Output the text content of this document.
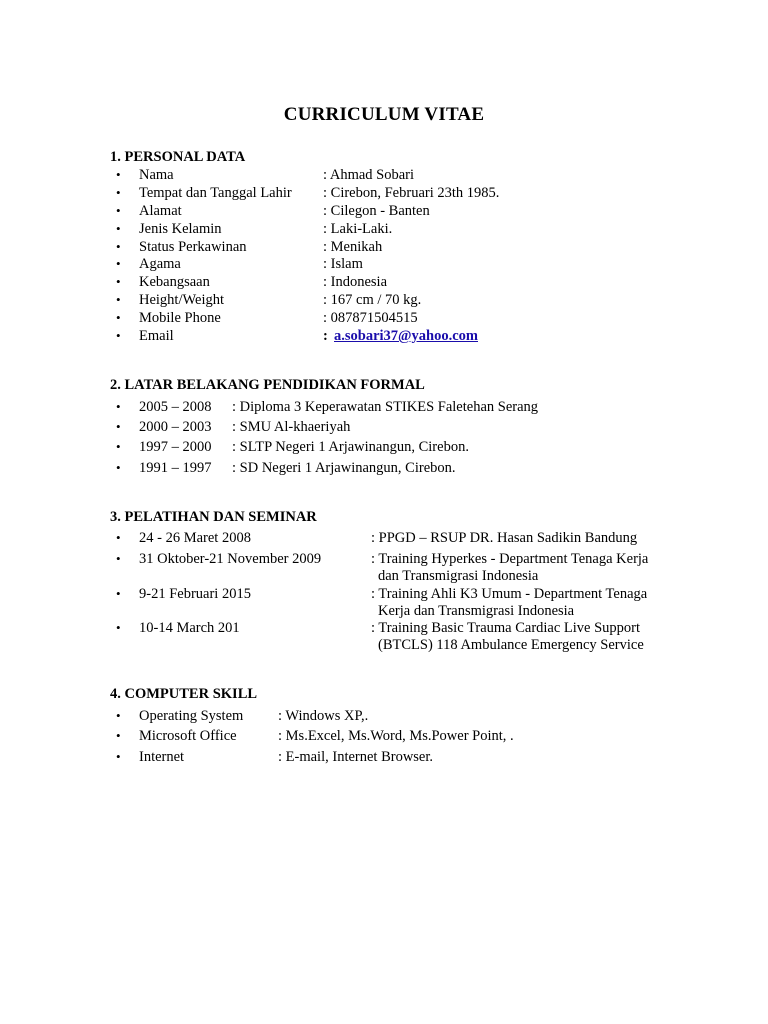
CURRICULUM VITAE
1. PERSONAL DATA
• Nama	: Ahmad Sobari
• Tempat dan Tanggal Lahir : Cirebon, Februari 23th 1985.
• Alamat	: Cilegon - Banten
• Jenis Kelamin	: Laki-Laki.
• Status Perkawinan	: Menikah
• Agama	: Islam
• Kebangsaan	: Indonesia
• Height/Weight	: 167 cm / 70 kg.
• Mobile Phone	: 087871504515
• Email	: a.sobari37@yahoo.com
2. LATAR BELAKANG PENDIDIKAN FORMAL
• 2005 – 2008 : Diploma 3 Keperawatan STIKES Faletehan Serang
• 2000 – 2003 : SMU Al-khaeriyah
• 1997 – 2000 : SLTP Negeri 1 Arjawinangun, Cirebon.
• 1991 – 1997 : SD Negeri 1 Arjawinangun, Cirebon.
3. PELATIHAN DAN SEMINAR
• 24 - 26 Maret 2008	: PPGD – RSUP DR. Hasan Sadikin Bandung
• 31 Oktober-21 November 2009	: Training Hyperkes - Department Tenaga Kerja
dan Transmigrasi Indonesia
• 9-21 Februari 2015	: Training Ahli K3 Umum - Department Tenaga
Kerja dan Transmigrasi Indonesia
• 10-14 March 201	: Training Basic Trauma Cardiac Live Support
(BTCLS) 118 Ambulance Emergency Service
4. COMPUTER SKILL
• Operating System : Windows XP,.
• Microsoft Office	: Ms.Excel, Ms.Word, Ms.Power Point, .
• Internet	: E-mail, Internet Browser.
